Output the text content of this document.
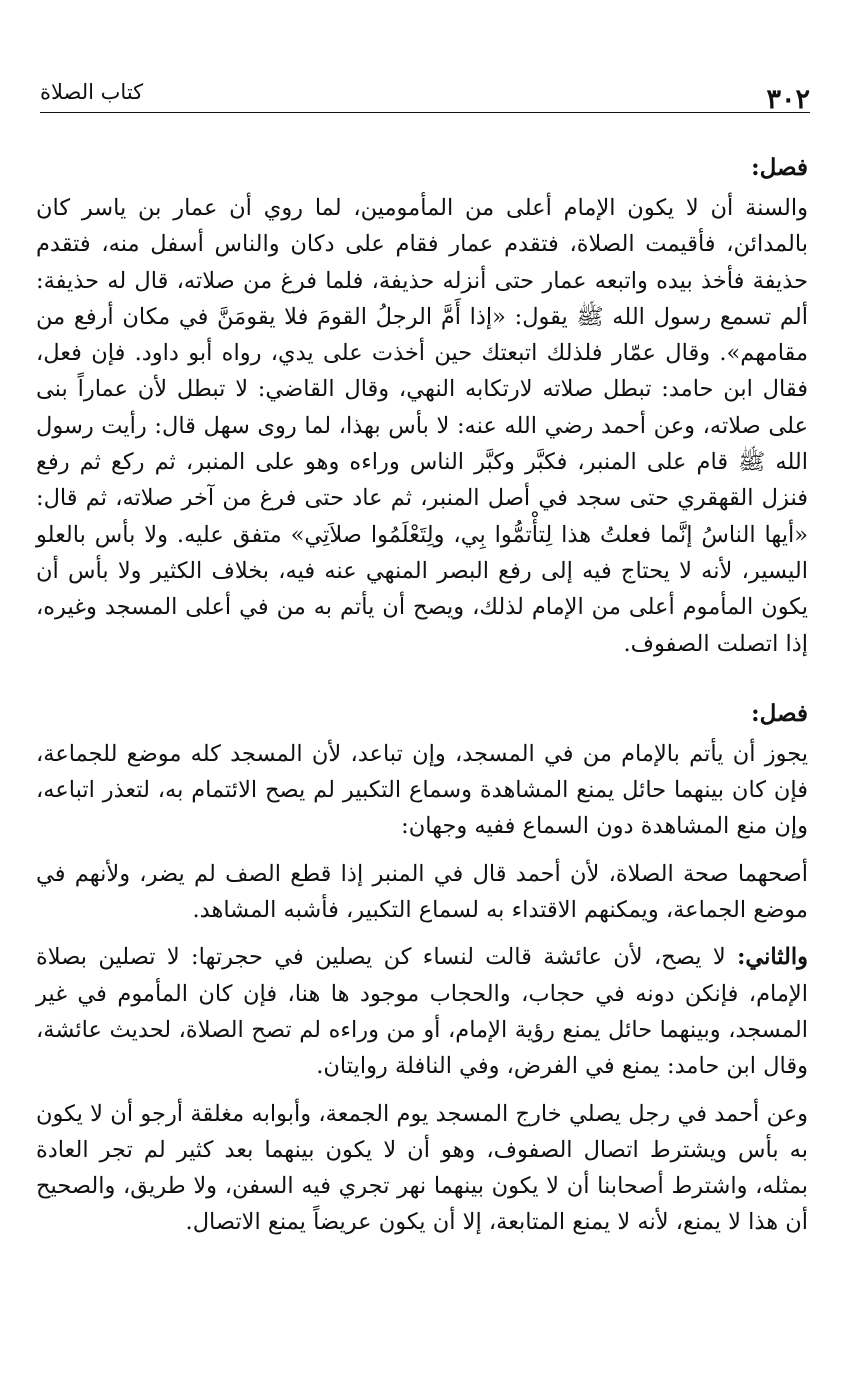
٣٠٢
كتاب الصلاة
فصل:

والسنة أن لا يكون الإمام أعلى من المأمومين، لما روي أن عمار بن ياسر كان بالمدائن، فأقيمت الصلاة، فتقدم عمار فقام على دكان والناس أسفل منه، فتقدم حذيفة فأخذ بيده واتبعه عمار حتى أنزله حذيفة، فلما فرغ من صلاته، قال له حذيفة: ألم تسمع رسول الله ﷺ يقول: «إذا أَمَّ الرجلُ القومَ فلا يقومَنَّ في مكان أرفع من مقامهم». وقال عمّار فلذلك اتبعتك حين أخذت على يدي، رواه أبو داود. فإن فعل، فقال ابن حامد: تبطل صلاته لارتكابه النهي، وقال القاضي: لا تبطل لأن عماراً بنى على صلاته، وعن أحمد رضي الله عنه: لا بأس بهذا، لما روى سهل قال: رأيت رسول الله ﷺ قام على المنبر، فكبَّر وكبَّر الناس وراءه وهو على المنبر، ثم ركع ثم رفع فنزل القهقري حتى سجد في أصل المنبر، ثم عاد حتى فرغ من آخر صلاته، ثم قال: «أيها الناسُ إنَّما فعلتُ هذا لِتأْتمُّوا بِي، ولِتَعْلَمُوا صلاَتِي» متفق عليه. ولا بأس بالعلو اليسير، لأنه لا يحتاج فيه إلى رفع البصر المنهي عنه فيه، بخلاف الكثير ولا بأس أن يكون المأموم أعلى من الإمام لذلك، ويصح أن يأتم به من في أعلى المسجد وغيره، إذا اتصلت الصفوف.

فصل:

يجوز أن يأتم بالإمام من في المسجد، وإن تباعد، لأن المسجد كله موضع للجماعة، فإن كان بينهما حائل يمنع المشاهدة وسماع التكبير لم يصح الائتمام به، لتعذر اتباعه، وإن منع المشاهدة دون السماع ففيه وجهان:

أصحهما صحة الصلاة، لأن أحمد قال في المنبر إذا قطع الصف لم يضر، ولأنهم في موضع الجماعة، ويمكنهم الاقتداء به لسماع التكبير، فأشبه المشاهد.

والثاني: لا يصح، لأن عائشة قالت لنساء كن يصلين في حجرتها: لا تصلين بصلاة الإمام، فإنكن دونه في حجاب، والحجاب موجود ها هنا، فإن كان المأموم في غير المسجد، وبينهما حائل يمنع رؤية الإمام، أو من وراءه لم تصح الصلاة، لحديث عائشة، وقال ابن حامد: يمنع في الفرض، وفي النافلة روايتان.

وعن أحمد في رجل يصلي خارج المسجد يوم الجمعة، وأبوابه مغلقة أرجو أن لا يكون به بأس ويشترط اتصال الصفوف، وهو أن لا يكون بينهما بعد كثير لم تجر العادة بمثله، واشترط أصحابنا أن لا يكون بينهما نهر تجري فيه السفن، ولا طريق، والصحيح أن هذا لا يمنع، لأنه لا يمنع المتابعة، إلا أن يكون عريضاً يمنع الاتصال.
